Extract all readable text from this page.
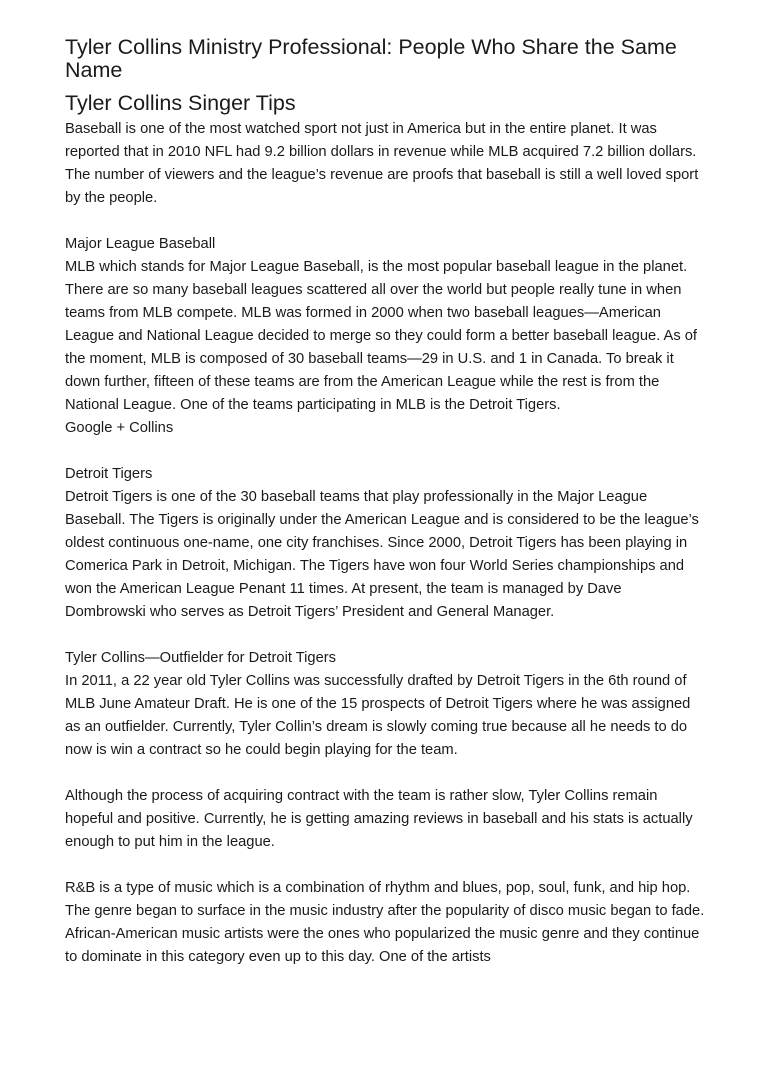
Tyler Collins Ministry Professional: People Who Share the Same Name
Tyler Collins Singer Tips

Baseball is one of the most watched sport not just in America but in the entire planet. It was reported that in 2010 NFL had 9.2 billion dollars in revenue while MLB acquired 7.2 billion dollars. The number of viewers and the league’s revenue are proofs that baseball is still a well loved sport by the people.

Major League Baseball

MLB which stands for Major League Baseball, is the most popular baseball league in the planet. There are so many baseball leagues scattered all over the world but people really tune in when teams from MLB compete. MLB was formed in 2000 when two baseball leagues—American League and National League decided to merge so they could form a better baseball league. As of the moment, MLB is composed of 30 baseball teams—29 in U.S. and 1 in Canada. To break it down further, fifteen of these teams are from the American League while the rest is from the National League. One of the teams participating in MLB is the Detroit Tigers.

Google + Collins

Detroit Tigers

Detroit Tigers is one of the 30 baseball teams that play professionally in the Major League Baseball. The Tigers is originally under the American League and is considered to be the league’s oldest continuous one-name, one city franchises. Since 2000, Detroit Tigers has been playing in Comerica Park in Detroit, Michigan. The Tigers have won four World Series championships and won the American League Penant 11 times. At present, the team is managed by Dave Dombrowski who serves as Detroit Tigers’ President and General Manager.

Tyler Collins—Outfielder for Detroit Tigers

In 2011, a 22 year old Tyler Collins was successfully drafted by Detroit Tigers in the 6th round of MLB June Amateur Draft. He is one of the 15 prospects of Detroit Tigers where he was assigned as an outfielder. Currently, Tyler Collin’s dream is slowly coming true because all he needs to do now is win a contract so he could begin playing for the team.

Although the process of acquiring contract with the team is rather slow, Tyler Collins remain hopeful and positive. Currently, he is getting amazing reviews in baseball and his stats is actually enough to put him in the league.

R&B is a type of music which is a combination of rhythm and blues, pop, soul, funk, and hip hop. The genre began to surface in the music industry after the popularity of disco music began to fade. African-American music artists were the ones who popularized the music genre and they continue to dominate in this category even up to this day. One of the artists
